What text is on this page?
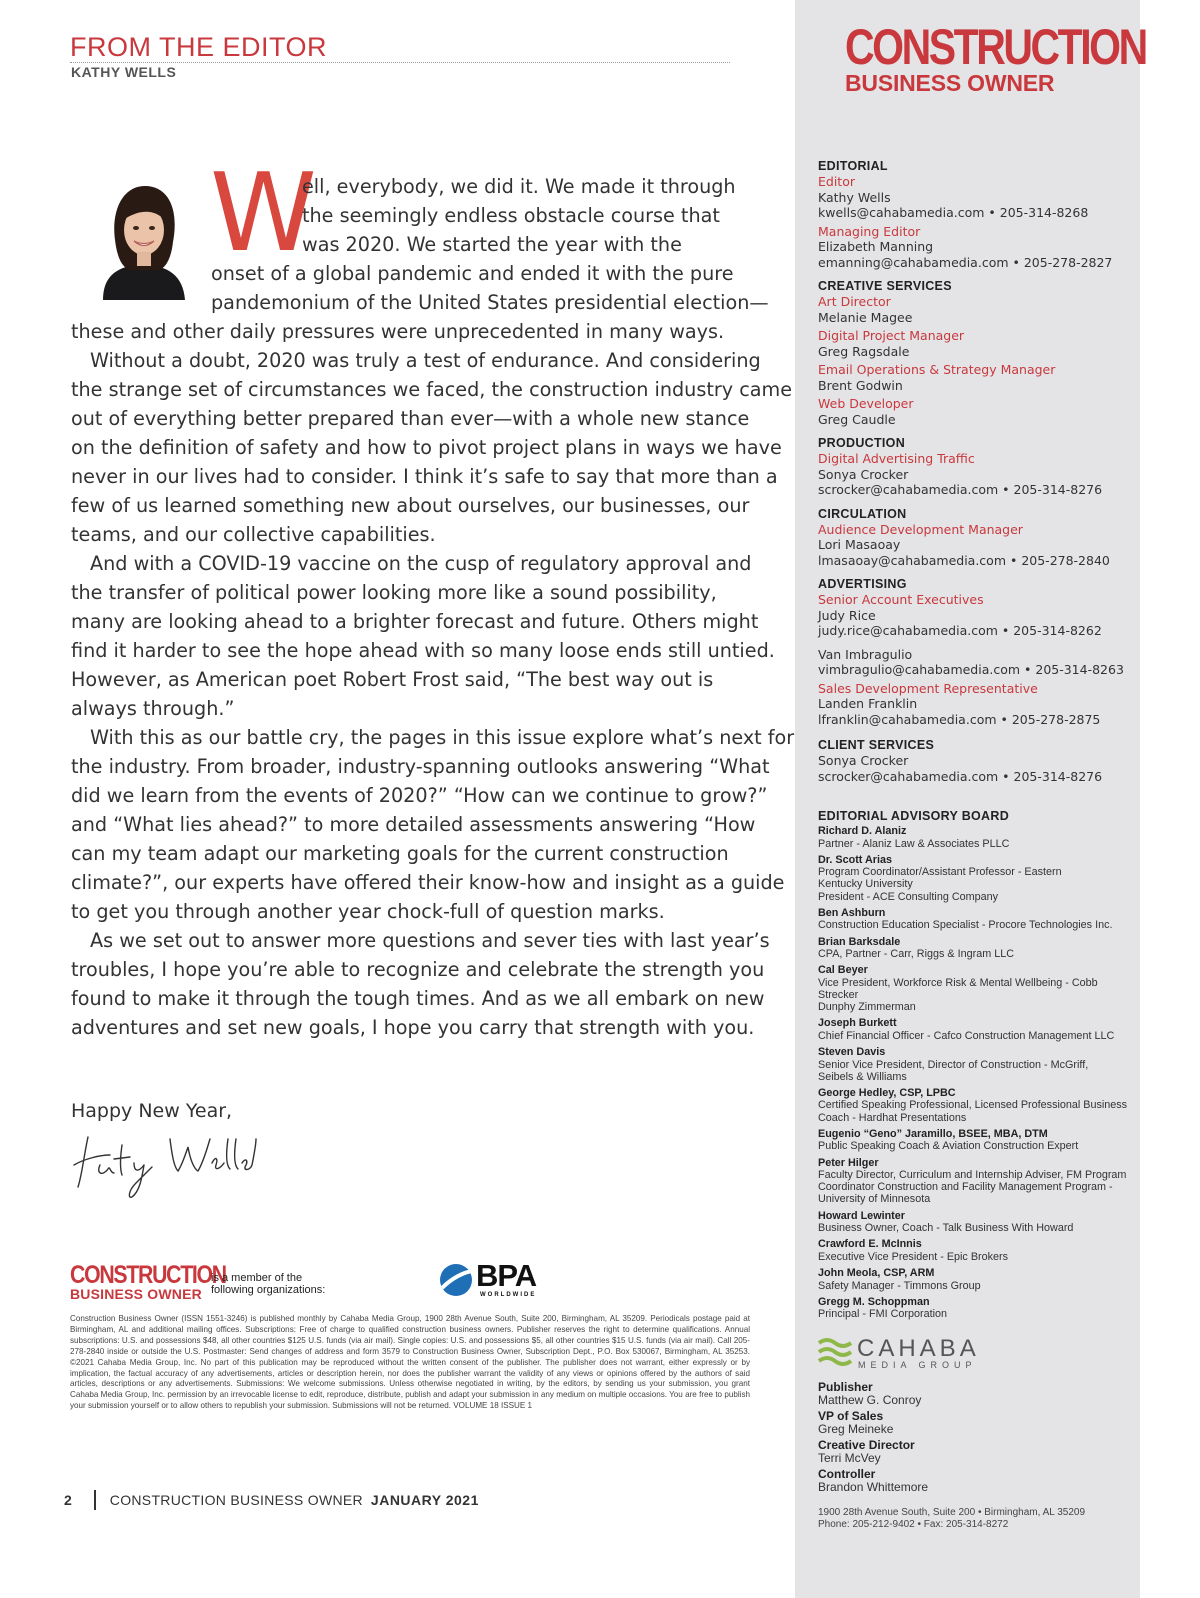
FROM THE EDITOR
KATHY WELLS
W
ell, everybody, we did it. We made it through
the seemingly endless obstacle course that
was 2020. We started the year with the
onset of a global pandemic and ended it with the pure
pandemonium of the United States presidential election—
these and other daily pressures were unprecedented in many ways.
Without a doubt, 2020 was truly a test of endurance. And considering
the strange set of circumstances we faced, the construction industry came
out of everything better prepared than ever—with a whole new stance
on the definition of safety and how to pivot project plans in ways we have
never in our lives had to consider. I think it’s safe to say that more than a
few of us learned something new about ourselves, our businesses, our
teams, and our collective capabilities.
And with a COVID-19 vaccine on the cusp of regulatory approval and
the transfer of political power looking more like a sound possibility,
many are looking ahead to a brighter forecast and future. Others might
find it harder to see the hope ahead with so many loose ends still untied.
However, as American poet Robert Frost said, “The best way out is
always through.”
With this as our battle cry, the pages in this issue explore what’s next for
the industry. From broader, industry-spanning outlooks answering “What
did we learn from the events of 2020?” “How can we continue to grow?”
and “What lies ahead?” to more detailed assessments answering “How
can my team adapt our marketing goals for the current construction
climate?”, our experts have offered their know-how and insight as a guide
to get you through another year chock-full of question marks.
As we set out to answer more questions and sever ties with last year’s
troubles, I hope you’re able to recognize and celebrate the strength you
found to make it through the tough times. And as we all embark on new
adventures and set new goals, I hope you carry that strength with you.
Happy New Year,
CONSTRUCTION
BUSINESS OWNER
is a member of the following organizations:	BPA
WORLDWIDE
Construction Business Owner (ISSN 1551-3246) is published monthly by Cahaba Media Group, 1900 28th Avenue South, Suite 200, Birmingham, AL 35209. Periodicals postage paid at Birmingham, AL and additional mailing offices. Subscriptions: Free of charge to qualified construction business owners. Publisher reserves the right to determine qualifications. Annual subscriptions: U.S. and possessions $48, all other countries $125 U.S. funds (via air mail). Single copies: U.S. and possessions $5, all other countries $15 U.S. funds (via air mail). Call 205-278-2840 inside or outside the U.S. Postmaster: Send changes of address and form 3579 to Construction Business Owner, Subscription Dept., P.O. Box 530067, Birmingham, AL 35253. ©2021 Cahaba Media Group, Inc. No part of this publication may be reproduced without the written consent of the publisher. The publisher does not warrant, either expressly or by implication, the factual accuracy of any advertisements, articles or description herein, nor does the publisher warrant the validity of any views or opinions offered by the authors of said articles, descriptions or any advertisements. Submissions: We welcome submissions. Unless otherwise negotiated in writing, by the editors, by sending us your submission, you grant Cahaba Media Group, Inc. permission by an irrevocable license to edit, reproduce, distribute, publish and adapt your submission in any medium on multiple occasions. You are free to publish your submission yourself or to allow others to republish your submission. Submissions will not be returned. VOLUME 18 ISSUE 1
2	CONSTRUCTION BUSINESS OWNER JANUARY 2021
CONSTRUCTION
BUSINESS OWNER
EDITORIAL
Editor
Kathy Wells
kwells@cahabamedia.com • 205-314-8268
Managing Editor
Elizabeth Manning
emanning@cahabamedia.com • 205-278-2827
CREATIVE SERVICES
Art Director
Melanie Magee
Digital Project Manager
Greg Ragsdale
Email Operations & Strategy Manager
Brent Godwin
Web Developer
Greg Caudle
PRODUCTION
Digital Advertising Traffic
Sonya Crocker
scrocker@cahabamedia.com • 205-314-8276
CIRCULATION
Audience Development Manager
Lori Masaoay
lmasaoay@cahabamedia.com • 205-278-2840
ADVERTISING
Senior Account Executives
Judy Rice
judy.rice@cahabamedia.com • 205-314-8262
Van Imbragulio
vimbragulio@cahabamedia.com • 205-314-8263
Sales Development Representative
Landen Franklin
lfranklin@cahabamedia.com • 205-278-2875
CLIENT SERVICES
Sonya Crocker
scrocker@cahabamedia.com • 205-314-8276
EDITORIAL ADVISORY BOARD
Richard D. Alaniz
Partner - Alaniz Law & Associates PLLC
Dr. Scott Arias
Program Coordinator/Assistant Professor - Eastern
Kentucky University
President - ACE Consulting Company
Ben Ashburn
Construction Education Specialist - Procore Technologies Inc.
Brian Barksdale
CPA, Partner - Carr, Riggs & Ingram LLC
Cal Beyer
Vice President, Workforce Risk & Mental Wellbeing - Cobb Strecker
Dunphy Zimmerman
Joseph Burkett
Chief Financial Officer - Cafco Construction Management LLC
Steven Davis
Senior Vice President, Director of Construction - McGriff,
Seibels & Williams
George Hedley, CSP, LPBC
Certified Speaking Professional, Licensed Professional Business
Coach - Hardhat Presentations
Eugenio “Geno” Jaramillo, BSEE, MBA, DTM
Public Speaking Coach & Aviation Construction Expert
Peter Hilger
Faculty Director, Curriculum and Internship Adviser, FM Program
Coordinator Construction and Facility Management Program -
University of Minnesota
Howard Lewinter
Business Owner, Coach - Talk Business With Howard
Crawford E. McInnis
Executive Vice President - Epic Brokers
John Meola, CSP, ARM
Safety Manager - Timmons Group
Gregg M. Schoppman
Principal - FMI Corporation
CAHABA
MEDIA GROUP
Publisher
Matthew G. Conroy
VP of Sales
Greg Meineke
Creative Director
Terri McVey
Controller
Brandon Whittemore
1900 28th Avenue South, Suite 200 • Birmingham, AL 35209
Phone: 205-212-9402 • Fax: 205-314-8272
